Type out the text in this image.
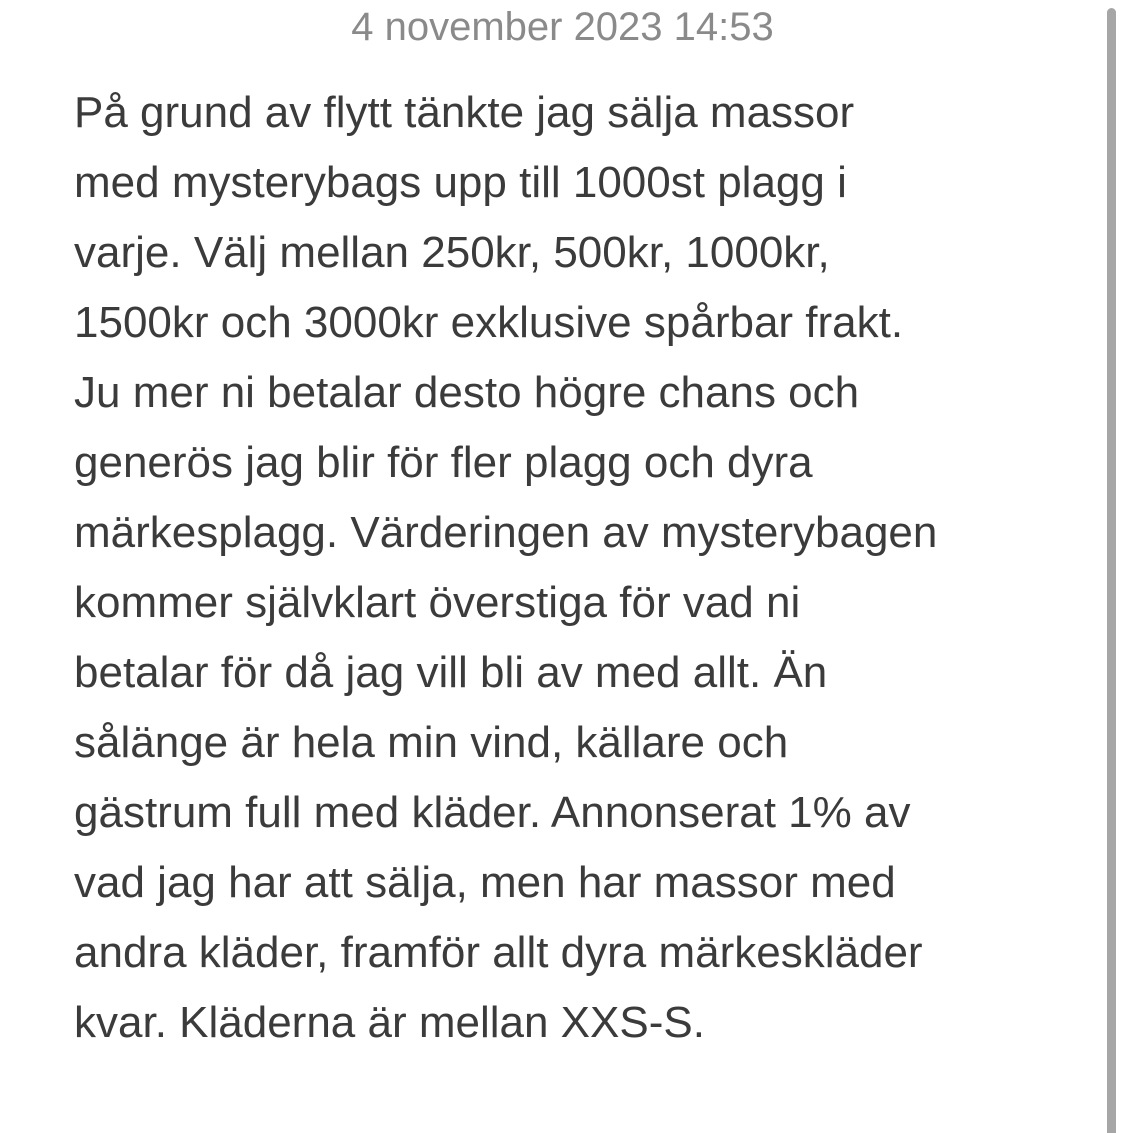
4 november 2023 14:53
På grund av flytt tänkte jag sälja massor
med mysterybags upp till 1000st plagg i
varje. Välj mellan 250kr, 500kr, 1000kr,
1500kr och 3000kr exklusive spårbar frakt.
Ju mer ni betalar desto högre chans och
generös jag blir för fler plagg och dyra
märkesplagg. Värderingen av mysterybagen
kommer självklart överstiga för vad ni
betalar för då jag vill bli av med allt. Än
sålänge är hela min vind, källare och
gästrum full med kläder. Annonserat 1% av
vad jag har att sälja, men har massor med
andra kläder, framför allt dyra märkeskläder
kvar. Kläderna är mellan XXS-S.
